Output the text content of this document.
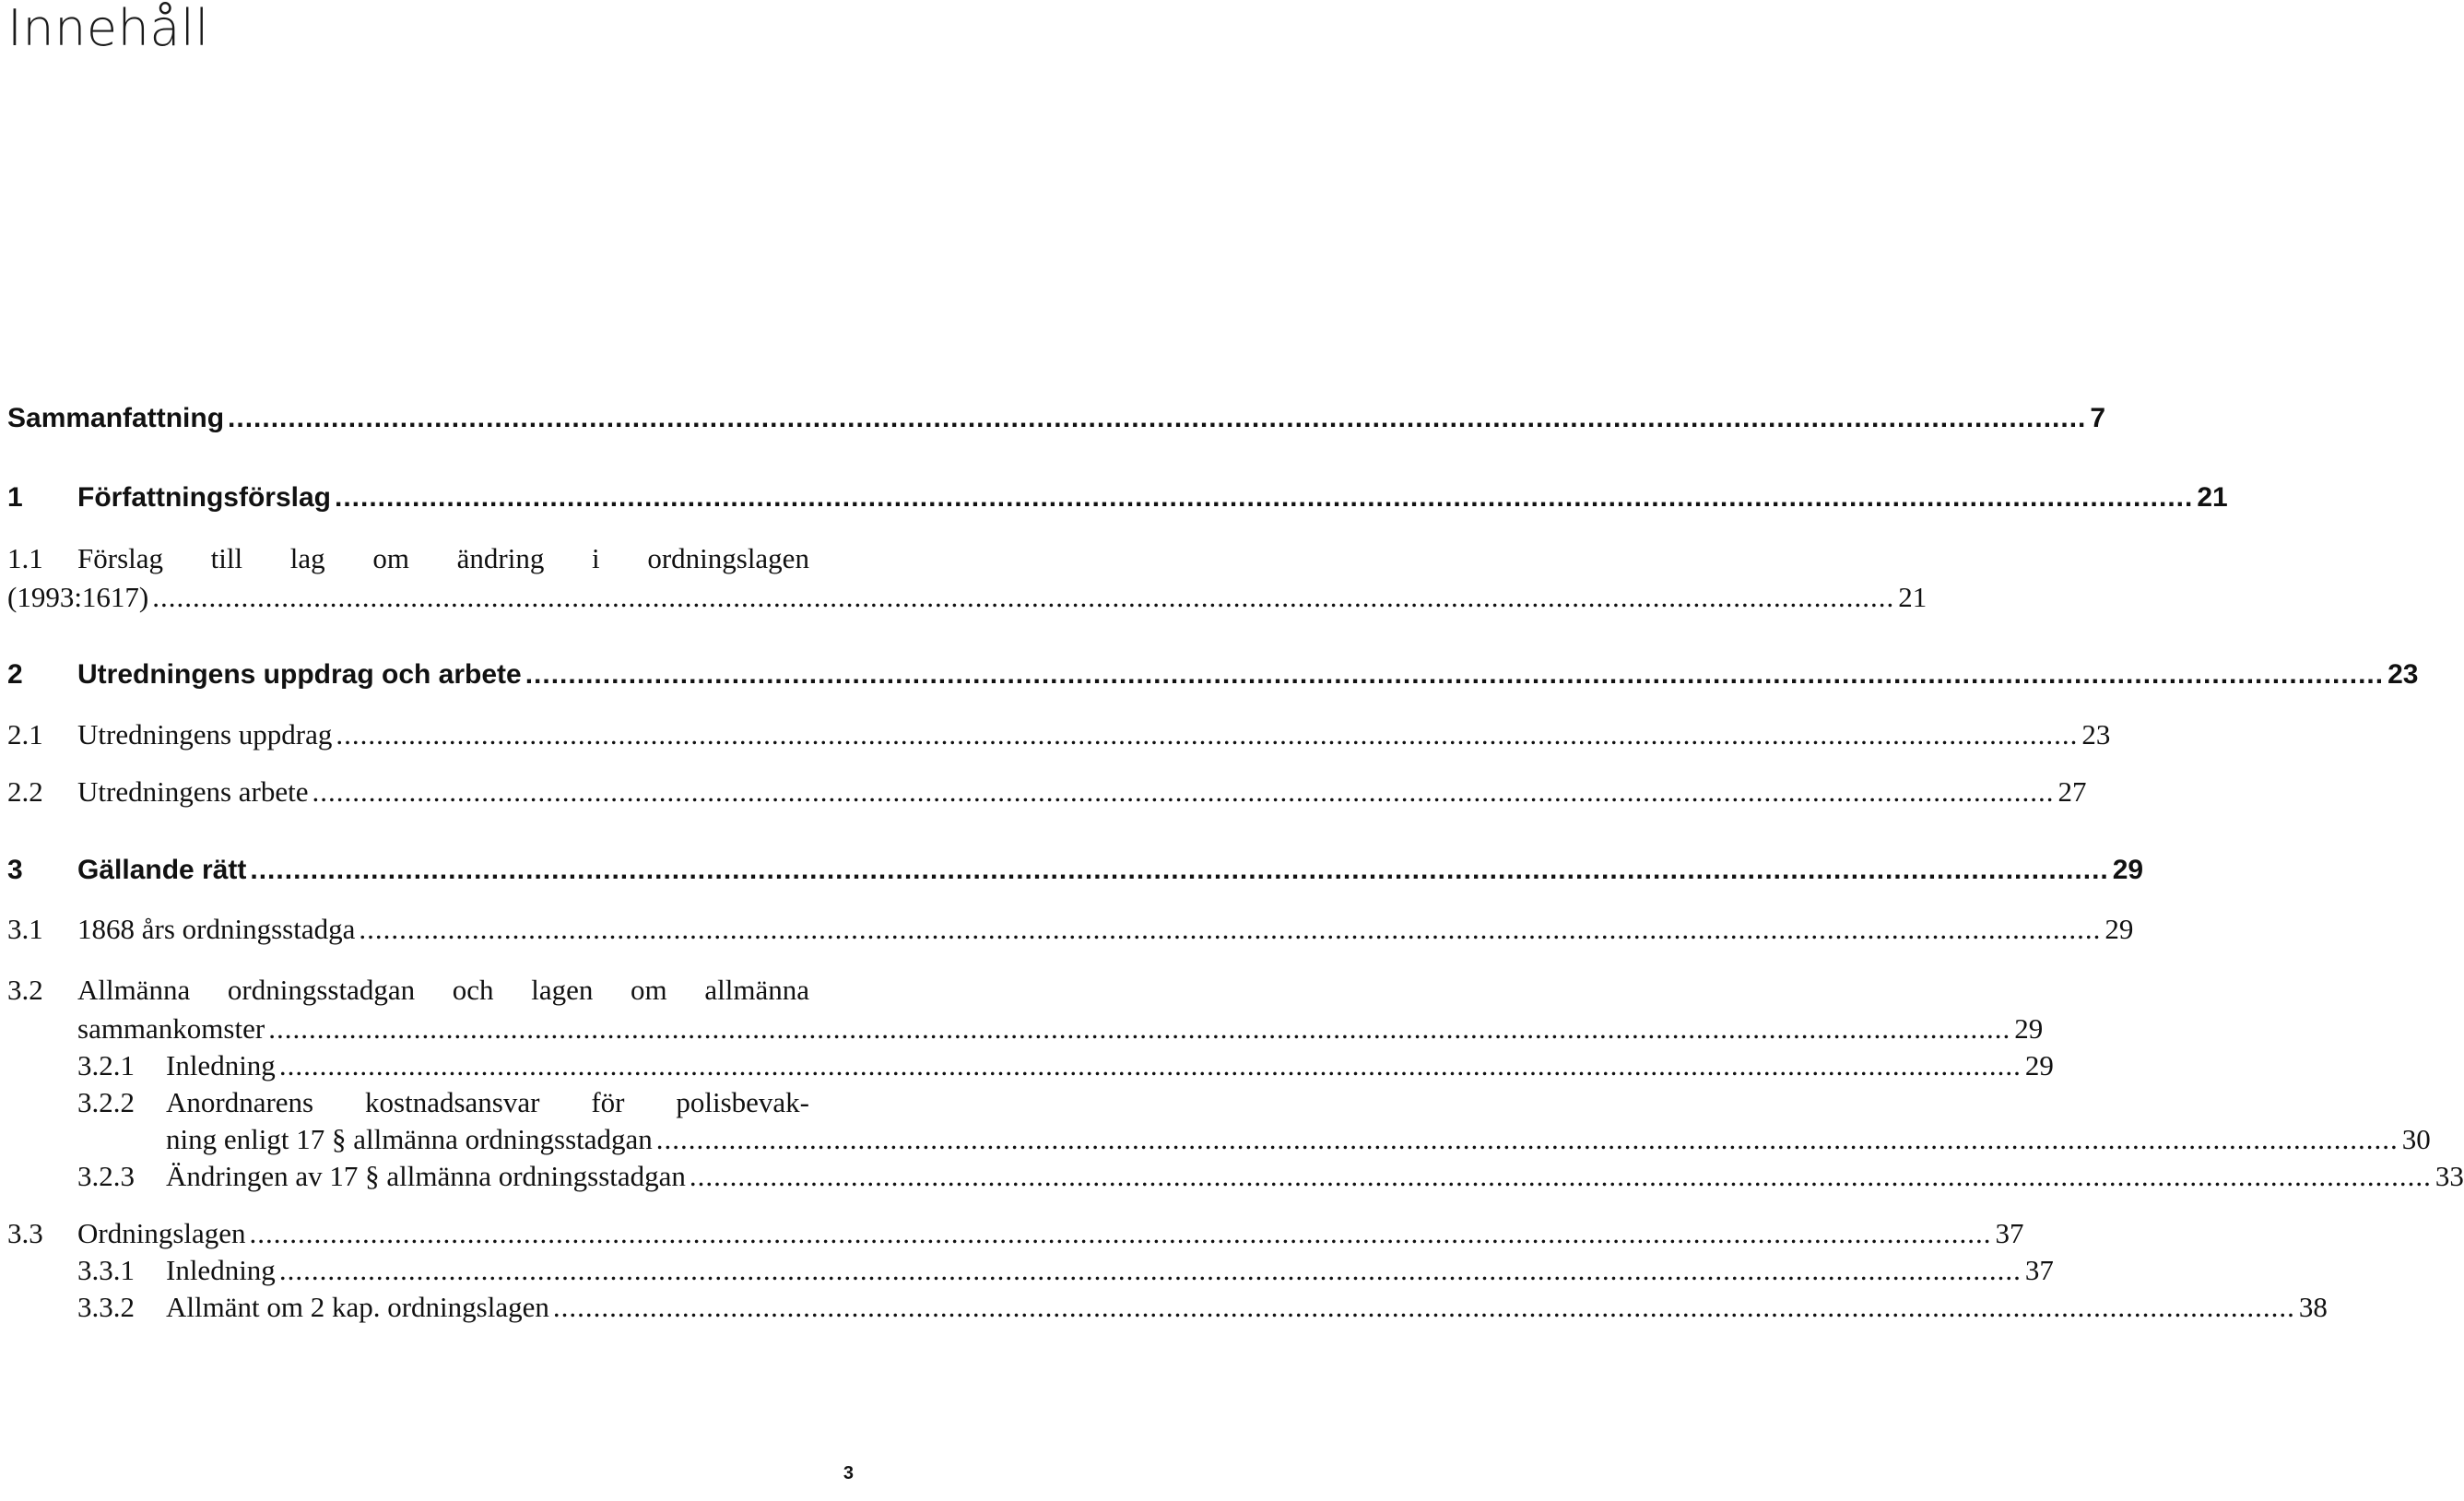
Innehåll
Sammanfattning .....	7
1	Författningsförslag .....	21
1.1	Förslag till lag om ändring i ordningslagen
(1993:1617) .....	21
2	Utredningens uppdrag och arbete .....	23
2.1	Utredningens uppdrag .....	23
2.2	Utredningens arbete .....	27
3	Gällande rätt .....	29
3.1	1868 års ordningsstadga .....	29
3.2	Allmänna ordningsstadgan och lagen om allmänna
sammankomster .....	29
3.2.1	Inledning .....	29
3.2.2	Anordnarens kostnadsansvar för polisbevak-
ning enligt 17 § allmänna ordningsstadgan .....	30
3.2.3	Ändringen av 17 § allmänna ordningsstadgan .....	33
3.3	Ordningslagen .....	37
3.3.1	Inledning .....	37
3.3.2	Allmänt om 2 kap. ordningslagen .....	38
3
